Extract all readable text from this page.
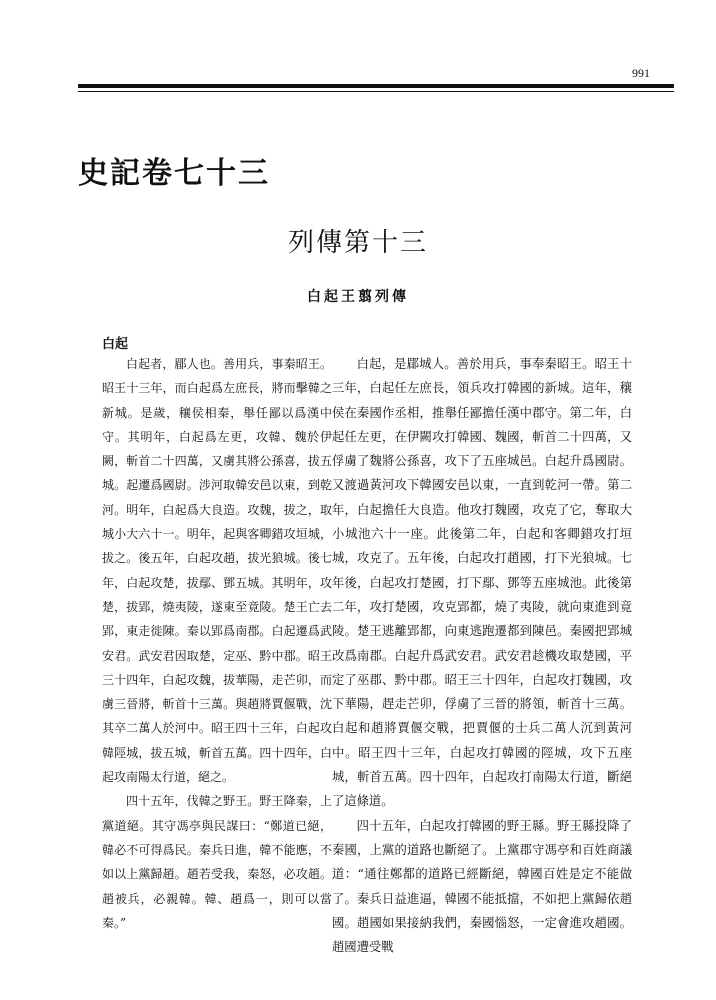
991
史記卷七十三
列傳第十三
白起王翦列傳
白起

白起者，郿人也。善用兵，事秦昭王。昭王十三年，而白起爲左庶長，將而擊韓之新城。是歲，穰侯相秦，舉任鄙以爲漢中守。其明年，白起爲左更，攻韓、魏於伊闕，斬首二十四萬，又虜其將公孫喜，拔五城。起遷爲國尉。涉河取韓安邑以東，到乾河。明年，白起爲大良造。攻魏，拔之，取城小大六十一。明年，起與客卿錯攻垣城，拔之。後五年，白起攻趙，拔光狼城。後七年，白起攻楚，拔鄢、鄧五城。其明年，攻楚，拔郢，燒夷陵，遂東至竟陵。楚王亡去郢，東走徙陳。秦以郢爲南郡。白起遷爲武安君。武安君因取楚，定巫、黔中郡。昭王三十四年，白起攻魏，拔華陽，走芒卯，而虜三晉將，斬首十三萬。與趙將賈偃戰，沈其卒二萬人於河中。昭王四十三年，白起攻韓陘城，拔五城，斬首五萬。四十四年，白起攻南陽太行道，絕之。

四十五年，伐韓之野王。野王降秦，上黨道絕。其守馮亭與民謀曰：“鄭道已絕，韓必不可得爲民。秦兵日進，韓不能應，不如以上黨歸趙。趙若受我，秦怒，必攻趙。趙被兵，必親韓。韓、趙爲一，則可以當秦。”

白起，是郿城人。善於用兵，事奉秦昭王。昭王十三年，白起任左庶長，領兵攻打韓國的新城。這年，穰侯在秦國作丞相，推舉任鄙擔任漢中郡守。第二年，白起任左更，在伊闕攻打韓國、魏國，斬首二十四萬，又俘虜了魏將公孫喜，攻下了五座城邑。白起升爲國尉。又渡過黃河攻下韓國安邑以東，一直到乾河一帶。第二年，白起擔任大良造。他攻打魏國，攻克了它，奪取大小城池六十一座。此後第二年，白起和客卿錯攻打垣城，攻克了。五年後，白起攻打趙國，打下光狼城。七年後，白起攻打楚國，打下鄢、鄧等五座城池。此後第二年，攻打楚國，攻克郢都，燒了夷陵，就向東進到竟陵。楚王逃離郢都，向東逃跑遷都到陳邑。秦國把郢城改爲南郡。白起升爲武安君。武安君趁機攻取楚國，平定了巫郡、黔中郡。昭王三十四年，白起攻打魏國，攻下華陽，趕走芒卯，俘虜了三晉的將領，斬首十三萬。白起和趙將賈偃交戰，把賈偃的士兵二萬人沉到黃河中。昭王四十三年，白起攻打韓國的陘城，攻下五座城，斬首五萬。四十四年，白起攻打南陽太行道，斷絕了這條道。

四十五年，白起攻打韓國的野王縣。野王縣投降了秦國，上黨的道路也斷絕了。上黨郡守馮亭和百姓商議道：“通往鄭都的道路已經斷絕，韓國百姓是定不能做了。秦兵日益進逼，韓國不能抵擋，不如把上黨歸依趙國。趙國如果接納我們，秦國惱怒，一定會進攻趙國。趙國遭受戰
